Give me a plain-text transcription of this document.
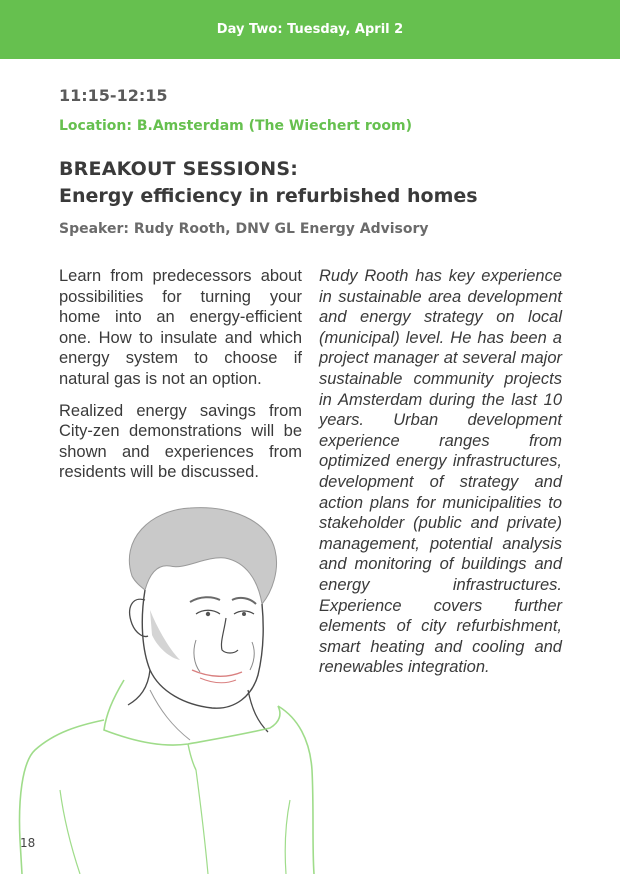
Day Two: Tuesday, April 2
11:15-12:15
Location: B.Amsterdam (The Wiechert room)
BREAKOUT SESSIONS:
Energy efficiency in refurbished homes
Speaker: Rudy Rooth, DNV GL Energy Advisory

Learn from predecessors about possibilities for turning your home into an energy-efficient one. How to insulate and which energy system to choose if natural gas is not an option.

Realized energy savings from City-zen demonstrations will be shown and experiences from residents will be discussed.

Rudy Rooth has key experience in sustainable area development and energy strategy on local (municipal) level. He has been a project manager at several major sustainable community projects in Amsterdam during the last 10 years. Urban development experience ranges from optimized energy infrastructures, development of strategy and action plans for municipalities to stakeholder (public and private) management, potential analysis and monitoring of buildings and energy infrastructures. Experience covers further elements of city refurbishment, smart heating and cooling and renewables integration.

18
